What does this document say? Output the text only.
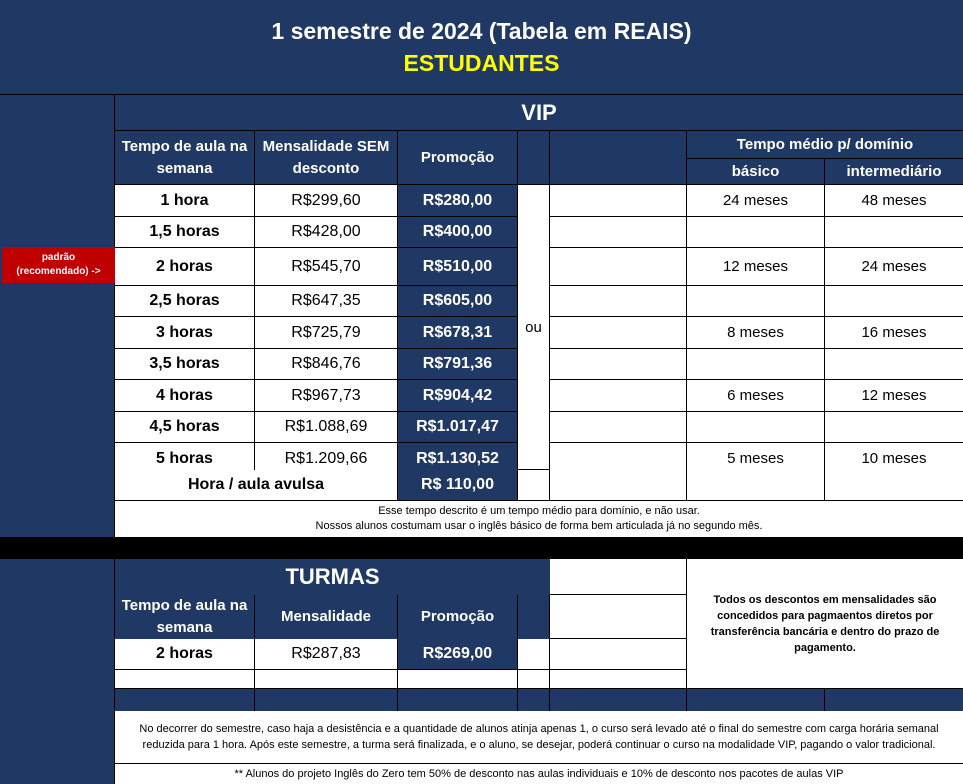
1 semestre de 2024 (Tabela em REAIS)
ESTUDANTES
padrão (recomendado) ->
VIP
Tempo de aula na semana
Mensalidade SEM desconto
Promoção
Tempo médio p/ domínio
básico	intermediário
1 hora	R$299,60	R$280,00	24 meses	48 meses
1,5 horas	R$428,00	R$400,00
2 horas	R$545,70	R$510,00	12 meses	24 meses
2,5 horas	R$647,35	R$605,00
3 horas	R$725,79	R$678,31	8 meses	16 meses
3,5 horas	R$846,76	R$791,36
4 horas	R$967,73	R$904,42	6 meses	12 meses
4,5 horas	R$1.088,69	R$1.017,47
5 horas	R$1.209,66	R$1.130,52	5 meses	10 meses
ou
Hora / aula avulsa	R$ 110,00
Esse tempo descrito é um tempo médio para domínio, e não usar.
Nossos alunos costumam usar o inglês básico de forma bem articulada já no segundo mês.
TURMAS
Tempo de aula na semana
Mensalidade	Promoção
2 horas	R$287,83	R$269,00
Todos os descontos em mensalidades são concedidos para pagmaentos diretos por transferência bancária e dentro do prazo de pagamento.
No decorrer do semestre, caso haja a desistência e a quantidade de alunos atinja apenas 1, o curso será levado até o final do semestre com carga horária semanal reduzida para 1 hora. Após este semestre, a turma será finalizada, e o aluno, se desejar, poderá continuar o curso na modalidade VIP, pagando o valor tradicional.
** Alunos do projeto Inglês do Zero tem 50% de desconto nas aulas individuais e 10% de desconto nos pacotes de aulas VIP
